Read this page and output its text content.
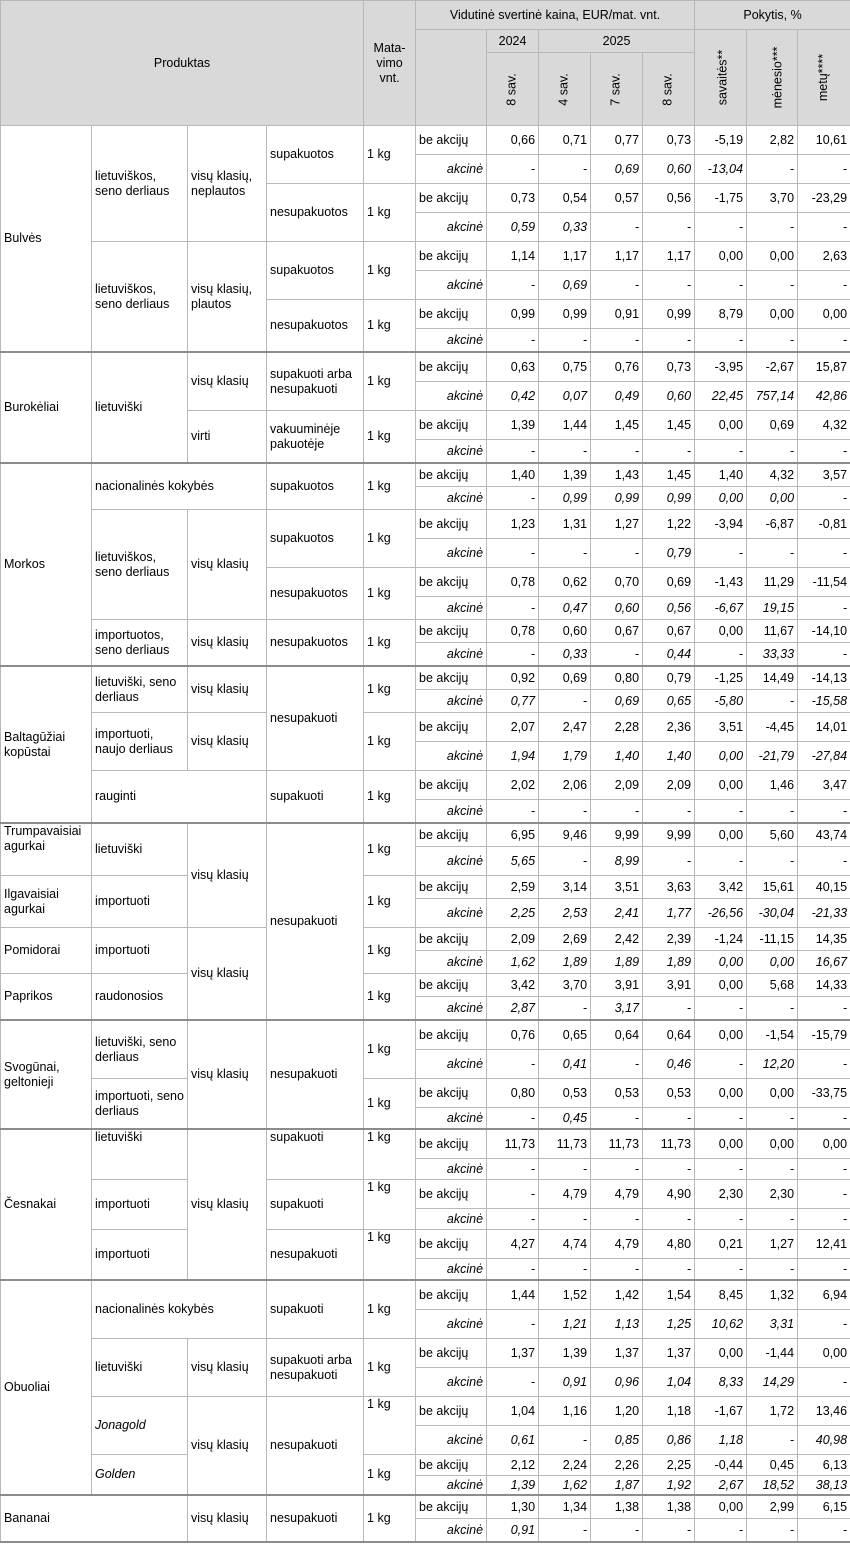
Produktas				Mata-vimo vnt.	Vidutinė svertinė kaina, EUR/mat. vnt.					Pokytis, %		
						2024	2025			savaitės**	mėnesio***	metų****
						8 sav.	4 sav.	7 sav.	8 sav.			
Bulvės	lietuviškos, seno derliaus	visų klasių, neplautos	supakuotos	1 kg	be akcijų	0,66	0,71	0,77	0,73	-5,19	2,82	10,61
					akcinė	-	-	0,69	0,60	-13,04	-	-
			nesupakuotos	1 kg	be akcijų	0,73	0,54	0,57	0,56	-1,75	3,70	-23,29
					akcinė	0,59	0,33	-	-	-	-	-
	lietuviškos, seno derliaus	visų klasių, plautos	supakuotos	1 kg	be akcijų	1,14	1,17	1,17	1,17	0,00	0,00	2,63
					akcinė	-	0,69	-	-	-	-	-
			nesupakuotos	1 kg	be akcijų	0,99	0,99	0,91	0,99	8,79	0,00	0,00
					akcinė	-	-	-	-	-	-	-
Burokėliai	lietuviški	visų klasių	supakuoti arba nesupakuoti	1 kg	be akcijų	0,63	0,75	0,76	0,73	-3,95	-2,67	15,87
					akcinė	0,42	0,07	0,49	0,60	22,45	757,14	42,86
		virti	vakuuminėje pakuotėje	1 kg	be akcijų	1,39	1,44	1,45	1,45	0,00	0,69	4,32
					akcinė	-	-	-	-	-	-	-
Morkos	nacionalinės kokybės		supakuotos	1 kg	be akcijų	1,40	1,39	1,43	1,45	1,40	4,32	3,57
					akcinė	-	0,99	0,99	0,99	0,00	0,00	-
	lietuviškos, seno derliaus	visų klasių	supakuotos	1 kg	be akcijų	1,23	1,31	1,27	1,22	-3,94	-6,87	-0,81
					akcinė	-	-	-	0,79	-	-	-
			nesupakuotos	1 kg	be akcijų	0,78	0,62	0,70	0,69	-1,43	11,29	-11,54
					akcinė	-	0,47	0,60	0,56	-6,67	19,15	-
	importuotos, seno derliaus	visų klasių	nesupakuotos	1 kg	be akcijų	0,78	0,60	0,67	0,67	0,00	11,67	-14,10
					akcinė	-	0,33	-	0,44	-	33,33	-
Baltagūžiai kopūstai	lietuviški, seno derliaus	visų klasių	nesupakuoti	1 kg	be akcijų	0,92	0,69	0,80	0,79	-1,25	14,49	-14,13
					akcinė	0,77	-	0,69	0,65	-5,80	-	-15,58
	importuoti, naujo derliaus	visų klasių		1 kg	be akcijų	2,07	2,47	2,28	2,36	3,51	-4,45	14,01
					akcinė	1,94	1,79	1,40	1,40	0,00	-21,79	-27,84
	rauginti		supakuoti	1 kg	be akcijų	2,02	2,06	2,09	2,09	0,00	1,46	3,47
					akcinė	-	-	-	-	-	-	-
Trumpavaisiai agurkai	lietuviški	visų klasių	nesupakuoti	1 kg	be akcijų	6,95	9,46	9,99	9,99	0,00	5,60	43,74
					akcinė	5,65	-	8,99	-	-	-	-
Ilgavaisiai agurkai	importuoti			1 kg	be akcijų	2,59	3,14	3,51	3,63	3,42	15,61	40,15
					akcinė	2,25	2,53	2,41	1,77	-26,56	-30,04	-21,33
Pomidorai	importuoti	visų klasių		1 kg	be akcijų	2,09	2,69	2,42	2,39	-1,24	-11,15	14,35
					akcinė	1,62	1,89	1,89	1,89	0,00	0,00	16,67
Paprikos	raudonosios			1 kg	be akcijų	3,42	3,70	3,91	3,91	0,00	5,68	14,33
					akcinė	2,87	-	3,17	-	-	-	-
Svogūnai, geltonieji	lietuviški, seno derliaus	visų klasių	nesupakuoti	1 kg	be akcijų	0,76	0,65	0,64	0,64	0,00	-1,54	-15,79
					akcinė	-	0,41	-	0,46	-	12,20	-
	importuoti, seno derliaus			1 kg	be akcijų	0,80	0,53	0,53	0,53	0,00	0,00	-33,75
					akcinė	-	0,45	-	-	-	-	-
Česnakai	lietuviški	visų klasių	supakuoti	1 kg	be akcijų	11,73	11,73	11,73	11,73	0,00	0,00	0,00
					akcinė	-	-	-	-	-	-	-
	importuoti		supakuoti	1 kg	be akcijų	-	4,79	4,79	4,90	2,30	2,30	-
					akcinė	-	-	-	-	-	-	-
	importuoti		nesupakuoti	1 kg	be akcijų	4,27	4,74	4,79	4,80	0,21	1,27	12,41
					akcinė	-	-	-	-	-	-	-
Obuoliai	nacionalinės kokybės		supakuoti	1 kg	be akcijų	1,44	1,52	1,42	1,54	8,45	1,32	6,94
					akcinė	-	1,21	1,13	1,25	10,62	3,31	-
	lietuviški	visų klasių	supakuoti arba nesupakuoti	1 kg	be akcijų	1,37	1,39	1,37	1,37	0,00	-1,44	0,00
					akcinė	-	0,91	0,96	1,04	8,33	14,29	-
	Jonagold	visų klasių	nesupakuoti	1 kg	be akcijų	1,04	1,16	1,20	1,18	-1,67	1,72	13,46
					akcinė	0,61	-	0,85	0,86	1,18	-	40,98
	Golden			1 kg	be akcijų	2,12	2,24	2,26	2,25	-0,44	0,45	6,13
					akcinė	1,39	1,62	1,87	1,92	2,67	18,52	38,13
Bananai		visų klasių	nesupakuoti	1 kg	be akcijų	1,30	1,34	1,38	1,38	0,00	2,99	6,15
					akcinė	0,91	-	-	-	-	-	-
